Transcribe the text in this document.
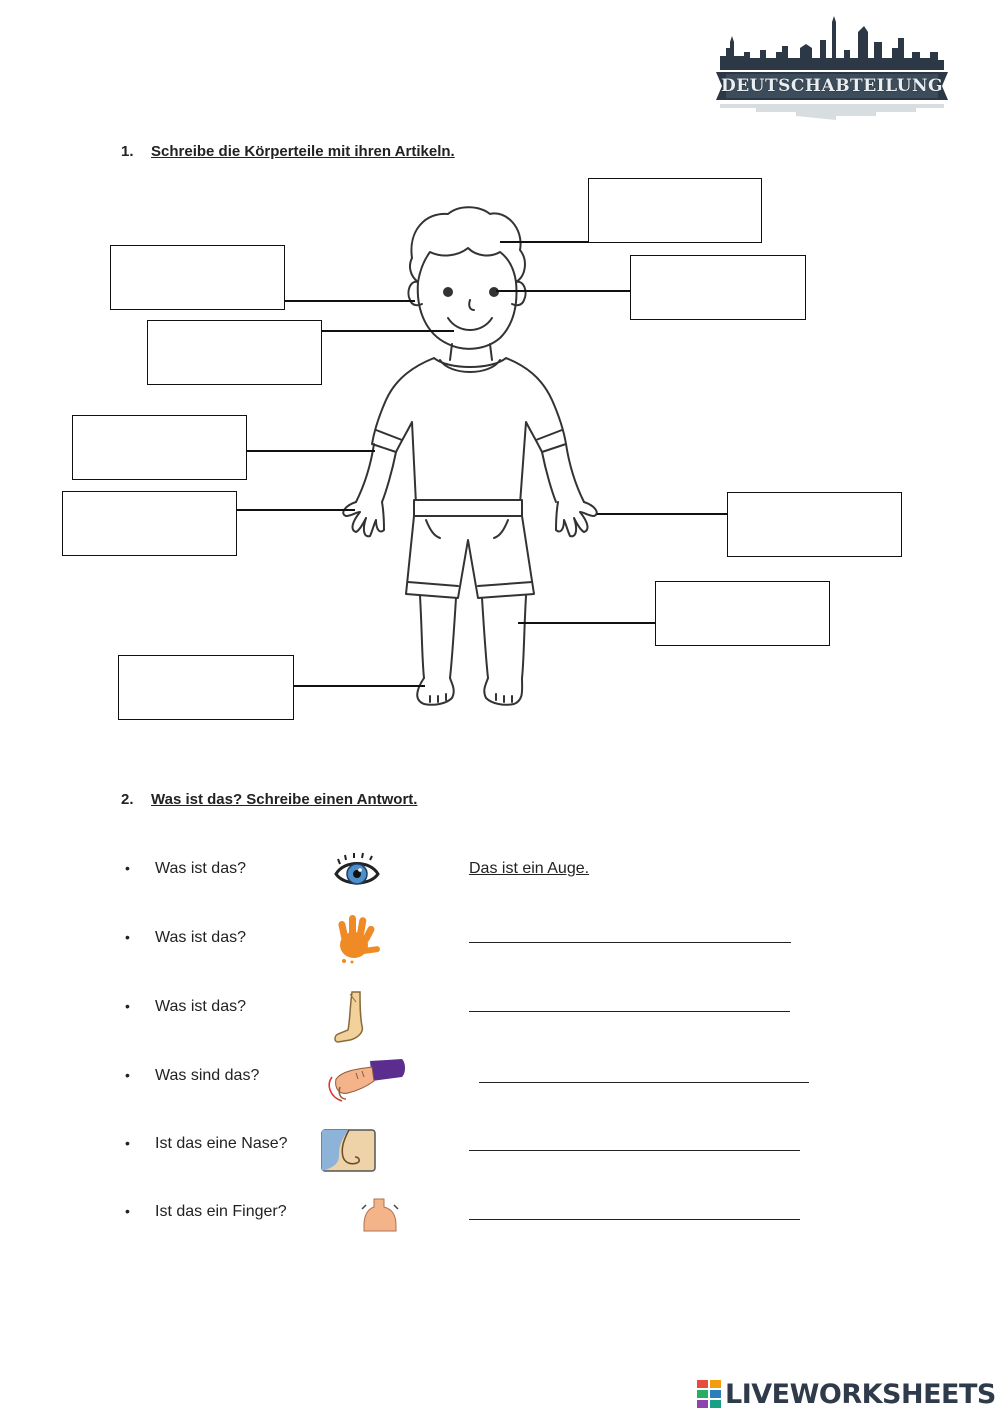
DEUTSCHABTEILUNG
1. Schreibe die Körperteile mit ihren Artikeln.
2. Was ist das? Schreibe einen Antwort.
• Was ist das?	Das ist ein Auge.
• Was ist das?
• Was ist das?
• Was sind das?
• Ist das eine Nase?
• Ist das ein Finger?
LIVEWORKSHEETS
